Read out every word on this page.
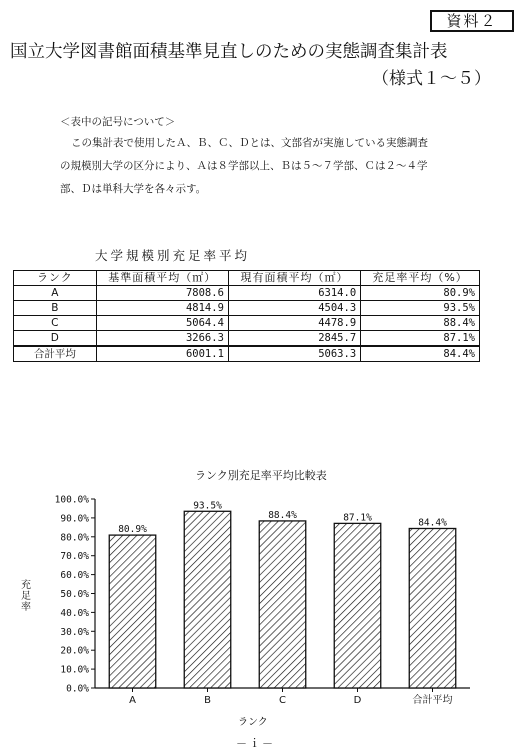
資料２
国立大学図書館面積基準見直しのための実態調査集計表
（様式１～５）
＜表中の記号について＞

この集計表で使用したＡ、Ｂ、Ｃ、Ｄとは、文部省が実施している実態調査

の規模別大学の区分により、Ａは８学部以上、Ｂは５～７学部、Ｃは２～４学

部、Ｄは単科大学を各々示す。

大学規模別充足率平均
ランク	基準面積平均（㎡）	現有面積平均（㎡）	充足率平均（%）
A	7808.6	6314.0	80.9%
B	4814.9	4504.3	93.5%
C	5064.4	4478.9	88.4%
D	3266.3	2845.7	87.1%
合計平均	6001.1	5063.3	84.4%
ランク別充足率平均比較表
0.0%
10.0%
20.0%
30.0%
40.0%
50.0%
60.0%
70.0%
80.0%
90.0%
100.0%
80.9%
A
93.5%
B
88.4%
C
87.1%
D
84.4%
合計平均
充足率
ランク
－ｉ－
